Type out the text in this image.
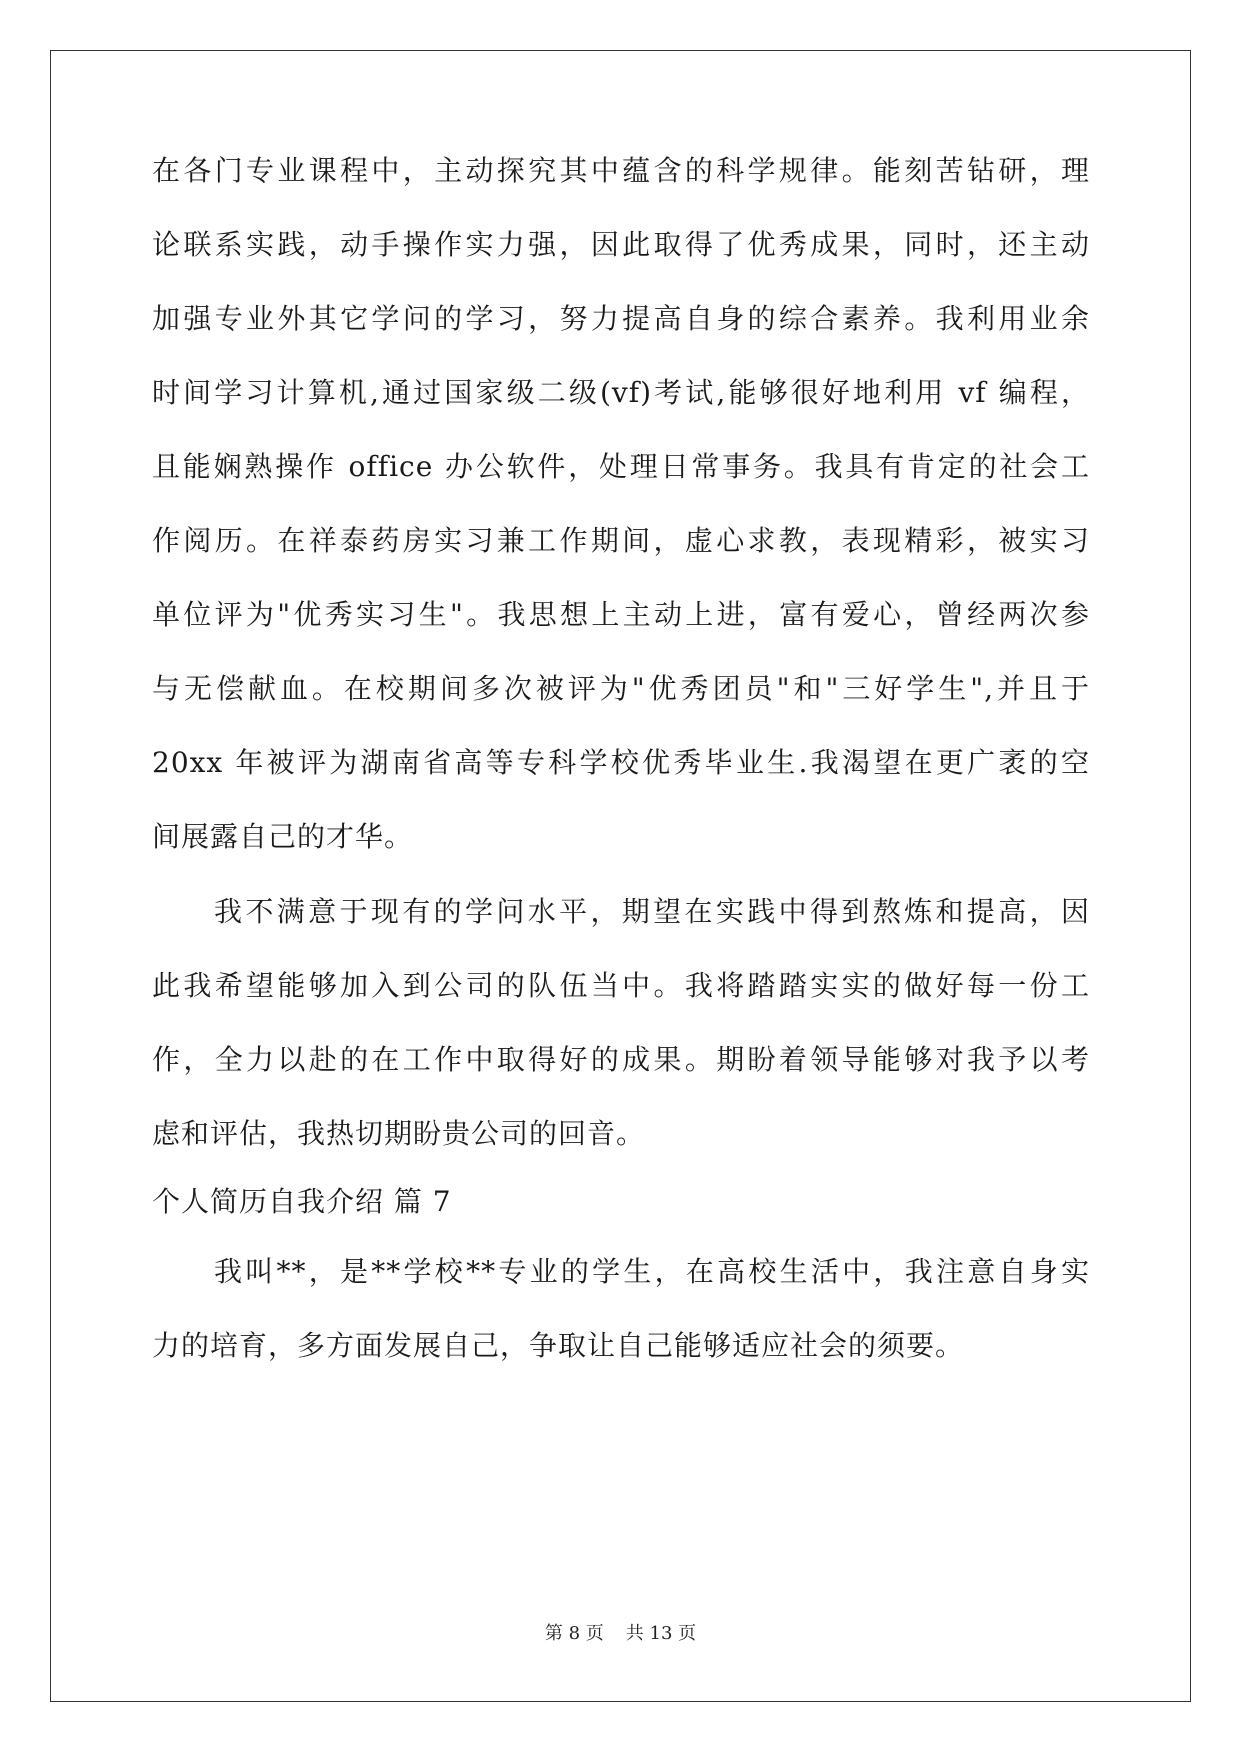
在各门专业课程中，主动探究其中蕴含的科学规律。能刻苦钻研，理
论联系实践，动手操作实力强，因此取得了优秀成果，同时，还主动
加强专业外其它学问的学习，努力提高自身的综合素养。我利用业余
时间学习计算机,通过国家级二级(vf)考试,能够很好地利用 vf 编程，
且能娴熟操作 office 办公软件，处理日常事务。我具有肯定的社会工
作阅历。在祥泰药房实习兼工作期间，虚心求教，表现精彩，被实习
单位评为"优秀实习生"。我思想上主动上进，富有爱心，曾经两次参
与无偿献血。在校期间多次被评为"优秀团员"和"三好学生",并且于
20xx 年被评为湖南省高等专科学校优秀毕业生.我渴望在更广袤的空
间展露自己的才华。
我不满意于现有的学问水平，期望在实践中得到熬炼和提高，因
此我希望能够加入到公司的队伍当中。我将踏踏实实的做好每一份工
作，全力以赴的在工作中取得好的成果。期盼着领导能够对我予以考
虑和评估，我热切期盼贵公司的回音。
个人简历自我介绍 篇 7
我叫**，是**学校**专业的学生，在高校生活中，我注意自身实
力的培育，多方面发展自己，争取让自己能够适应社会的须要。
第 8 页 共 13 页
